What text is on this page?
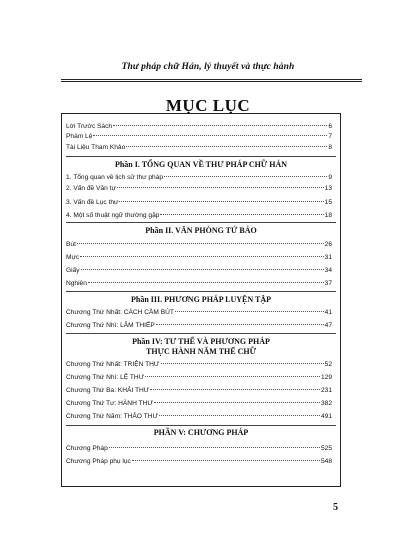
Thư pháp chữ Hán, lý thuyết và thực hành
MỤC LỤC
Lời Trước Sách	6
Phàm Lệ	7
Tài Liệu Tham Khảo	8
Phần I. TỔNG QUAN VỀ THƯ PHÁP CHỮ HÁN
1. Tổng quan về lịch sử thư pháp	9
2. Vấn đề Văn tự	13
3. Vấn đề Lục thư	15
4. Một số thuật ngữ thường gặp	18
Phần II. VĂN PHÒNG TỨ BẢO
Bút	26
Mực	31
Giấy	34
Nghiên	37
Phần III. PHƯƠNG PHÁP LUYỆN TẬP
Chương Thứ Nhất: CÁCH CẦM BÚT	41
Chương Thứ Nhì: LÂM THIẾP	47
Phần IV: TƯ THẾ VÀ PHƯƠNG PHÁP
THỰC HÀNH NĂM THỂ CHỮ
Chương Thứ Nhất: TRIỆN THƯ	52
Chương Thứ Nhì: LỆ THƯ	129
Chương Thứ Ba: KHẢI THƯ	231
Chương Thứ Tư: HÀNH THƯ	382
Chương Thứ Năm: THẢO THƯ	491
PHẦN V: CHƯƠNG PHÁP
Chương Pháp	525
Chương Pháp phụ lục	548
5
